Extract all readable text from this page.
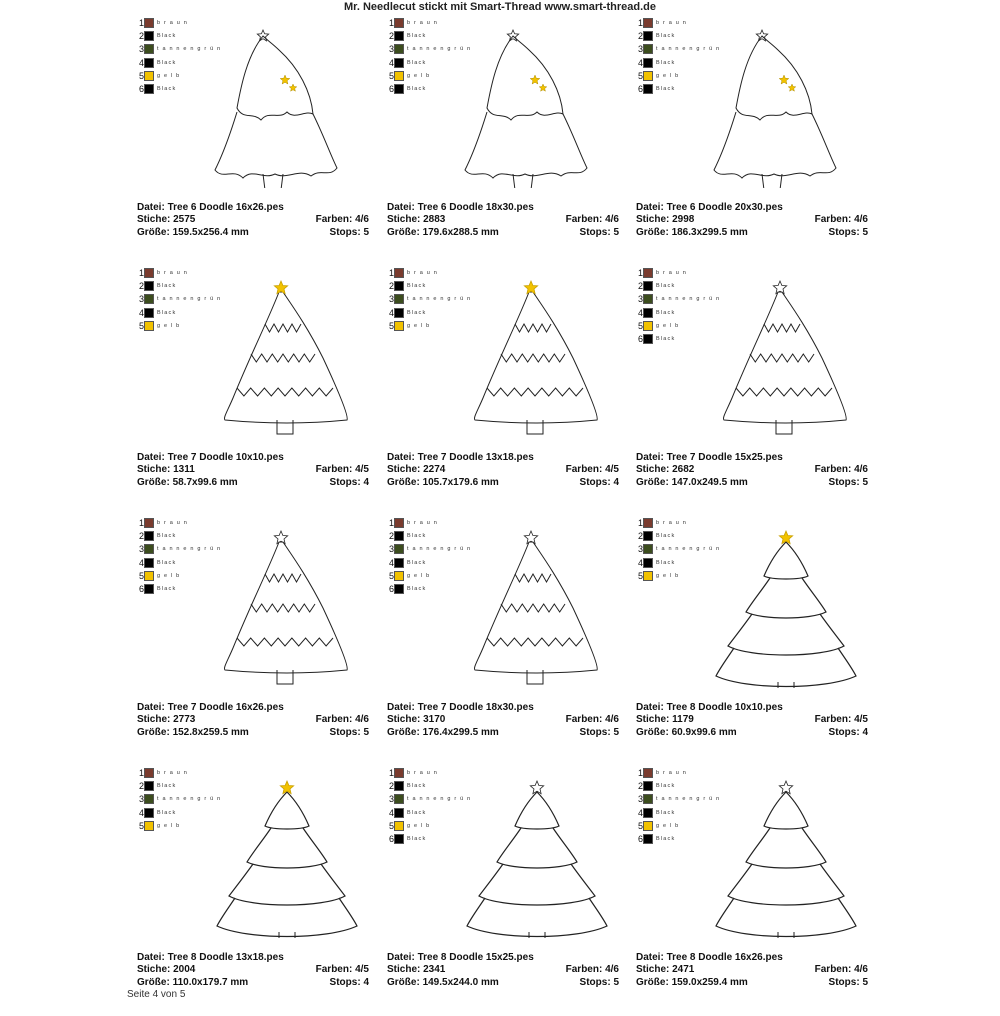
Mr. Needlecut stickt mit Smart-Thread www.smart-thread.de
1 b r a u n
2 Black
3 t a n n e n g r ü n
4 Black
5 g e l b
6 Black
Datei: Tree 6 Doodle 16x26.pes
Stiche: 2575	Farben: 4/6
Größe: 159.5x256.4 mm	Stops: 5
1 b r a u n
2 Black
3 t a n n e n g r ü n
4 Black
5 g e l b
6 Black
Datei: Tree 6 Doodle 18x30.pes
Stiche: 2883	Farben: 4/6
Größe: 179.6x288.5 mm	Stops: 5
1 b r a u n
2 Black
3 t a n n e n g r ü n
4 Black
5 g e l b
6 Black
Datei: Tree 6 Doodle 20x30.pes
Stiche: 2998	Farben: 4/6
Größe: 186.3x299.5 mm	Stops: 5
1 b r a u n
2 Black
3 t a n n e n g r ü n
4 Black
5 g e l b
Datei: Tree 7 Doodle 10x10.pes
Stiche: 1311	Farben: 4/5
Größe: 58.7x99.6 mm	Stops: 4
1 b r a u n
2 Black
3 t a n n e n g r ü n
4 Black
5 g e l b
Datei: Tree 7 Doodle 13x18.pes
Stiche: 2274	Farben: 4/5
Größe: 105.7x179.6 mm	Stops: 4
1 b r a u n
2 Black
3 t a n n e n g r ü n
4 Black
5 g e l b
6 Black
Datei: Tree 7 Doodle 15x25.pes
Stiche: 2682	Farben: 4/6
Größe: 147.0x249.5 mm	Stops: 5
1 b r a u n
2 Black
3 t a n n e n g r ü n
4 Black
5 g e l b
6 Black
Datei: Tree 7 Doodle 16x26.pes
Stiche: 2773	Farben: 4/6
Größe: 152.8x259.5 mm	Stops: 5
1 b r a u n
2 Black
3 t a n n e n g r ü n
4 Black
5 g e l b
6 Black
Datei: Tree 7 Doodle 18x30.pes
Stiche: 3170	Farben: 4/6
Größe: 176.4x299.5 mm	Stops: 5
1 b r a u n
2 Black
3 t a n n e n g r ü n
4 Black
5 g e l b
Datei: Tree 8 Doodle 10x10.pes
Stiche: 1179	Farben: 4/5
Größe: 60.9x99.6 mm	Stops: 4
1 b r a u n
2 Black
3 t a n n e n g r ü n
4 Black
5 g e l b
Datei: Tree 8 Doodle 13x18.pes
Stiche: 2004	Farben: 4/5
Größe: 110.0x179.7 mm	Stops: 4
1 b r a u n
2 Black
3 t a n n e n g r ü n
4 Black
5 g e l b
6 Black
Datei: Tree 8 Doodle 15x25.pes
Stiche: 2341	Farben: 4/6
Größe: 149.5x244.0 mm	Stops: 5
1 b r a u n
2 Black
3 t a n n e n g r ü n
4 Black
5 g e l b
6 Black
Datei: Tree 8 Doodle 16x26.pes
Stiche: 2471	Farben: 4/6
Größe: 159.0x259.4 mm	Stops: 5
Seite 4 von 5
